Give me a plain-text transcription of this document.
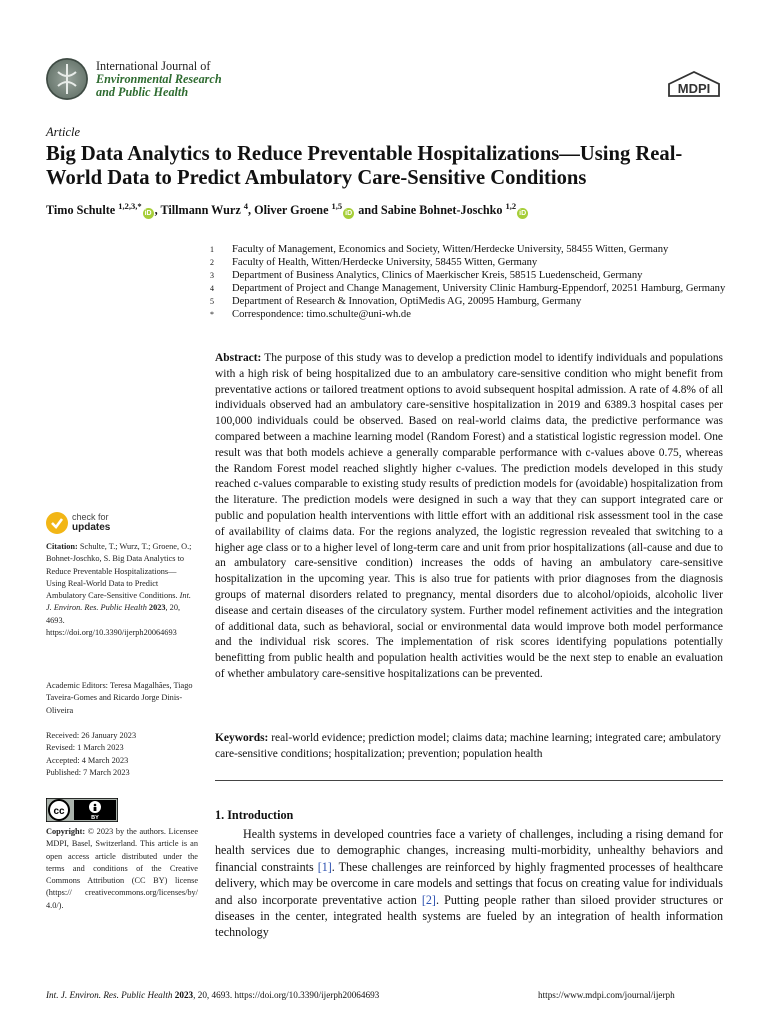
International Journal of
Environmental Research
and Public Health	MDPI
Article
Big Data Analytics to Reduce Preventable Hospitalizations—Using Real-World Data to Predict Ambulatory Care-Sensitive Conditions
Timo Schulte $^{1,2,3,*}$iD , Tillmann Wurz $^4$, Oliver Groene $^{1,5}$iD and Sabine Bohnet-Joschko $^{1,2}$iD
1	Faculty of Management, Economics and Society, Witten/Herdecke University, 58455 Witten, Germany
2	Faculty of Health, Witten/Herdecke University, 58455 Witten, Germany
3	Department of Business Analytics, Clinics of Maerkischer Kreis, 58515 Luedenscheid, Germany
4	Department of Project and Change Management, University Clinic Hamburg-Eppendorf, 20251 Hamburg, Germany
5	Department of Research & Innovation, OptiMedis AG, 20095 Hamburg, Germany
*	Correspondence: timo.schulte@uni-wh.de

Abstract: The purpose of this study was to develop a prediction model to identify individuals and populations with a high risk of being hospitalized due to an ambulatory care-sensitive condition who might benefit from preventative actions or tailored treatment options to avoid subsequent hospital admission. A rate of 4.8% of all individuals observed had an ambulatory care-sensitive hospitalization in 2019 and 6389.3 hospital cases per 100,000 individuals could be observed. Based on real-world claims data, the predictive performance was compared between a machine learning model (Random Forest) and a statistical logistic regression model. One result was that both models achieve a generally comparable performance with c-values above 0.75, whereas the Random Forest model reached slightly higher c-values. The prediction models developed in this study reached c-values comparable to existing study results of prediction models for (avoidable) hospitalization from the literature. The prediction models were designed in such a way that they can support integrated care or public and population health interventions with little effort with an additional risk assessment tool in the case of availability of claims data. For the regions analyzed, the logistic regression revealed that switching to a higher age class or to a higher level of long-term care and unit from prior hospitalizations (all-cause and due to an ambulatory care-sensitive condition) increases the odds of having an ambulatory care-sensitive hospitalization in the upcoming year. This is also true for patients with prior diagnoses from the diagnosis groups of maternal disorders related to pregnancy, mental disorders due to alcohol/opioids, alcoholic liver disease and certain diseases of the circulatory system. Further model refinement activities and the integration of additional data, such as behavioral, social or environmental data would improve both model performance and the individual risk scores. The implementation of risk scores identifying populations potentially benefitting from public health and population health activities would be the next step to enable an evaluation of whether ambulatory care-sensitive hospitalizations can be prevented.

Keywords: real-world evidence; prediction model; claims data; machine learning; integrated care; ambulatory care-sensitive conditions; hospitalization; prevention; population health

1. Introduction

Health systems in developed countries face a variety of challenges, including a rising demand for health services due to demographic changes, increasing multi-morbidity, unhealthy behaviors and financial constraints [1]. These challenges are reinforced by highly fragmented processes of healthcare delivery, which may be overcome in care models and settings that focus on creating value for individuals and also incorporate preventative action [2]. Putting people rather than siloed provider structures or diseases in the center, integrated health systems are fueled by an integration of health information technology

check for
updates

Citation: Schulte, T.; Wurz, T.; Groene, O.; Bohnet-Joschko, S. Big Data Analytics to Reduce Preventable Hospitalizations—Using Real-World Data to Predict Ambulatory Care-Sensitive Conditions. Int. J. Environ. Res. Public Health 2023, 20, 4693. https://doi.org/10.3390/ijerph20064693

Academic Editors: Teresa Magalhães, Tiago Taveira-Gomes and Ricardo Jorge Dinis-Oliveira

Received: 26 January 2023
Revised: 1 March 2023
Accepted: 4 March 2023
Published: 7 March 2023
cc
BY

Copyright: © 2023 by the authors. Licensee MDPI, Basel, Switzerland. This article is an open access article distributed under the terms and conditions of the Creative Commons Attribution (CC BY) license (https:// creativecommons.org/licenses/by/ 4.0/).

Int. J. Environ. Res. Public Health 2023, 20, 4693. https://doi.org/10.3390/ijerph20064693	https://www.mdpi.com/journal/ijerph
